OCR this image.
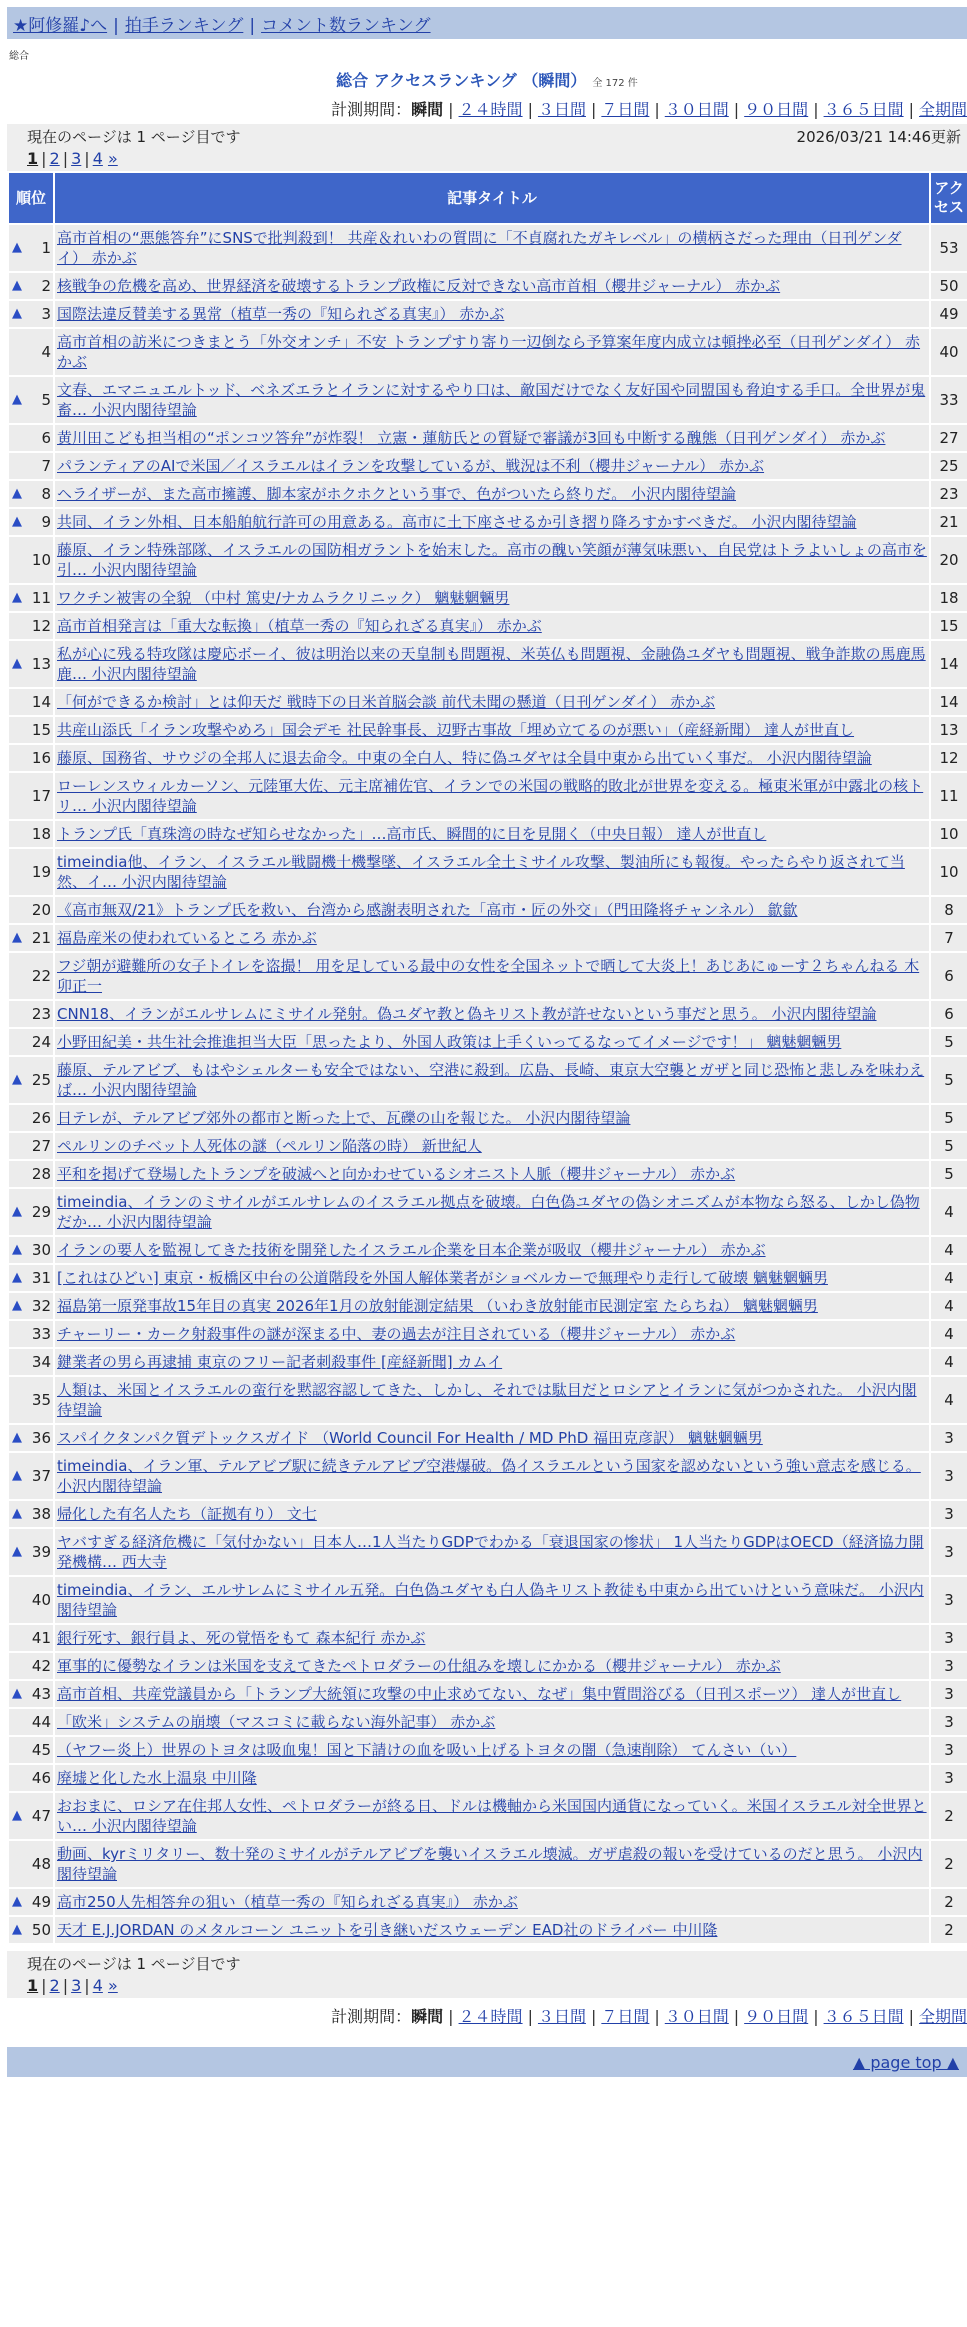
★阿修羅♪へ | 拍手ランキング | コメント数ランキング
総合
総合 アクセスランキング （瞬間） 全 172 件
計測期間：瞬間 | ２４時間 | ３日間 | ７日間 | ３０日間 | ９０日間 | ３６５日間 | 全期間
現在のページは 1 ページ目です	2026/03/21 14:46更新
1 | 2 | 3 | 4 »
順位	記事タイトル	アクセス

▲ 1	高市首相の“悪態答弁”にSNSで批判殺到！ 共産＆れいわの質問に「不貞腐れたガキレベル」の横柄さだった理由（日刊ゲンダイ） 赤かぶ	53

▲ 2	核戦争の危機を高め、世界経済を破壊するトランプ政権に反対できない高市首相（櫻井ジャーナル） 赤かぶ	50

▲ 3	国際法違反賛美する異常（植草一秀の『知られざる真実』） 赤かぶ	49
4	高市首相の訪米につきまとう「外交オンチ」不安 トランプすり寄り一辺倒なら予算案年度内成立は頓挫必至（日刊ゲンダイ） 赤かぶ	40

▲ 5	文春、エマニュエルトッド、ベネズエラとイランに対するやり口は、敵国だけでなく友好国や同盟国も脅迫する手口。全世界が鬼畜… 小沢内閣待望論	33
6	黄川田こども担当相の“ポンコツ答弁”が炸裂！ 立憲・蓮舫氏との質疑で審議が3回も中断する醜態（日刊ゲンダイ） 赤かぶ	27
7	パランティアのAIで米国／イスラエルはイランを攻撃しているが、戦況は不利（櫻井ジャーナル） 赤かぶ	25

▲ 8	ヘライザーが、また高市擁護、脚本家がホクホクという事で、色がついたら終りだ。 小沢内閣待望論	23

▲ 9	共同、イラン外相、日本船舶航行許可の用意ある。高市に土下座させるか引き摺り降ろすかすべきだ。 小沢内閣待望論	21
10	藤原、イラン特殊部隊、イスラエルの国防相ガラントを始末した。高市の醜い笑顔が薄気味悪い、自民党はトラよいしょの高市を引… 小沢内閣待望論	20

▲ 11	ワクチン被害の全貌 （中村 篤史/ナカムラクリニック） 魑魅魍魎男	18
12	高市首相発言は「重大な転換」（植草一秀の『知られざる真実』） 赤かぶ	15

▲ 13	私が心に残る特攻隊は慶応ボーイ、彼は明治以来の天皇制も問題視、米英仏も問題視、金融偽ユダヤも問題視、戦争詐欺の馬鹿馬鹿… 小沢内閣待望論	14
14	「何ができるか検討」とは仰天だ 戦時下の日米首脳会談 前代未聞の懸道（日刊ゲンダイ） 赤かぶ	14
15	共産山添氏「イラン攻撃やめろ」国会デモ 社民幹事長、辺野古事故「埋め立てるのが悪い」（産経新聞） 達人が世直し	13
16	藤原、国務省、サウジの全邦人に退去命令。中東の全白人、特に偽ユダヤは全員中東から出ていく事だ。 小沢内閣待望論	12
17	ローレンスウィルカーソン、元陸軍大佐、元主席補佐官、イランでの米国の戦略的敗北が世界を変える。極東米軍が中露北の核トリ… 小沢内閣待望論	11
18	トランプ氏「真珠湾の時なぜ知らせなかった」…高市氏、瞬間的に目を見開く（中央日報） 達人が世直し	10
19	timeindia他、イラン、イスラエル戦闘機十機撃墜、イスラエル全土ミサイル攻撃、製油所にも報復。やったらやり返されて当然、イ… 小沢内閣待望論	10
20	《高市無双/21》トランプ氏を救い、台湾から感謝表明された「高市・匠の外交」（門田隆将チャンネル） 歙歙	8

▲ 21	福島産米の使われているところ 赤かぶ	7
22	フジ朝が避難所の女子トイレを盗撮！ 用を足している最中の女性を全国ネットで晒して大炎上！あじあにゅーす２ちゃんねる 木卯正一	6
23	CNN18、イランがエルサレムにミサイル発射。偽ユダヤ教と偽キリスト教が許せないという事だと思う。 小沢内閣待望論	6
24	小野田紀美・共生社会推進担当大臣「思ったより、外国人政策は上手くいってるなってイメージです！」 魑魅魍魎男	5

▲ 25	藤原、テルアビブ、もはやシェルターも安全ではない、空港に殺到。広島、長崎、東京大空襲とガザと同じ恐怖と悲しみを味わえば… 小沢内閣待望論	5
26	日テレが、テルアビブ郊外の都市と断った上で、瓦礫の山を報じた。 小沢内閣待望論	5
27	ペルリンのチベット人死体の謎（ペルリン陥落の時） 新世紀人	5
28	平和を掲げて登場したトランプを破滅へと向かわせているシオニスト人脈（櫻井ジャーナル） 赤かぶ	5

▲ 29	timeindia、イランのミサイルがエルサレムのイスラエル拠点を破壊。白色偽ユダヤの偽シオニズムが本物なら怒る、しかし偽物だか… 小沢内閣待望論	4

▲ 30	イランの要人を監視してきた技術を開発したイスラエル企業を日本企業が吸収（櫻井ジャーナル） 赤かぶ	4

▲ 31	[これはひどい] 東京・板橋区中台の公道階段を外国人解体業者がショベルカーで無理やり走行して破壊 魑魅魍魎男	4

▲ 32	福島第一原発事故15年目の真実 2026年1月の放射能測定結果 （いわき放射能市民測定室 たらちね） 魑魅魍魎男	4
33	チャーリー・カーク射殺事件の謎が深まる中、妻の過去が注目されている（櫻井ジャーナル） 赤かぶ	4
34	鍵業者の男ら再逮捕 東京のフリー記者刺殺事件 [産経新聞] カムイ	4
35	人類は、米国とイスラエルの蛮行を黙認容認してきた、しかし、それでは駄目だとロシアとイランに気がつかされた。 小沢内閣待望論	4

▲ 36	スパイクタンパク質デトックスガイド （World Council For Health / MD PhD 福田克彦訳） 魑魅魍魎男	3

▲ 37	timeindia、イラン軍、テルアビブ駅に続きテルアビブ空港爆破。偽イスラエルという国家を認めないという強い意志を感じる。 小沢内閣待望論	3

▲ 38	帰化した有名人たち（証拠有り） 文七	3

▲ 39	ヤバすぎる経済危機に「気付かない」日本人…1人当たりGDPでわかる「衰退国家の惨状」 1人当たりGDPはOECD（経済協力開発機構… 西大寺	3
40	timeindia、イラン、エルサレムにミサイル五発。白色偽ユダヤも白人偽キリスト教徒も中東から出ていけという意味だ。 小沢内閣待望論	3
41	銀行死す、銀行員よ、死の覚悟をもて 森本紀行 赤かぶ	3
42	軍事的に優勢なイランは米国を支えてきたペトロダラーの仕組みを壊しにかかる（櫻井ジャーナル） 赤かぶ	3

▲ 43	高市首相、共産党議員から「トランプ大統領に攻撃の中止求めてない、なぜ」集中質問浴びる（日刊スポーツ） 達人が世直し	3
44	「欧米」システムの崩壊（マスコミに載らない海外記事） 赤かぶ	3
45	（ヤフー炎上）世界のトヨタは吸血鬼！国と下請けの血を吸い上げるトヨタの闇（急速削除） てんさい（い）	3
46	廃墟と化した水上温泉 中川隆	3

▲ 47	おおまに、ロシア在住邦人女性、ペトロダラーが終る日、ドルは機軸から米国国内通貨になっていく。米国イスラエル対全世界とい… 小沢内閣待望論	2
48	動画、kyrミリタリー、数十発のミサイルがテルアビブを襲いイスラエル壊滅。ガザ虐殺の報いを受けているのだと思う。 小沢内閣待望論	2

▲ 49	高市250人先相答弁の狙い（植草一秀の『知られざる真実』） 赤かぶ	2

▲ 50	天才 E.J.JORDAN のメタルコーン ユニットを引き継いだスウェーデン EAD社のドライバー 中川隆	2
現在のページは 1 ページ目です
1 | 2 | 3 | 4 »
計測期間：瞬間 | ２４時間 | ３日間 | ７日間 | ３０日間 | ９０日間 | ３６５日間 | 全期間
▲ page top ▲
